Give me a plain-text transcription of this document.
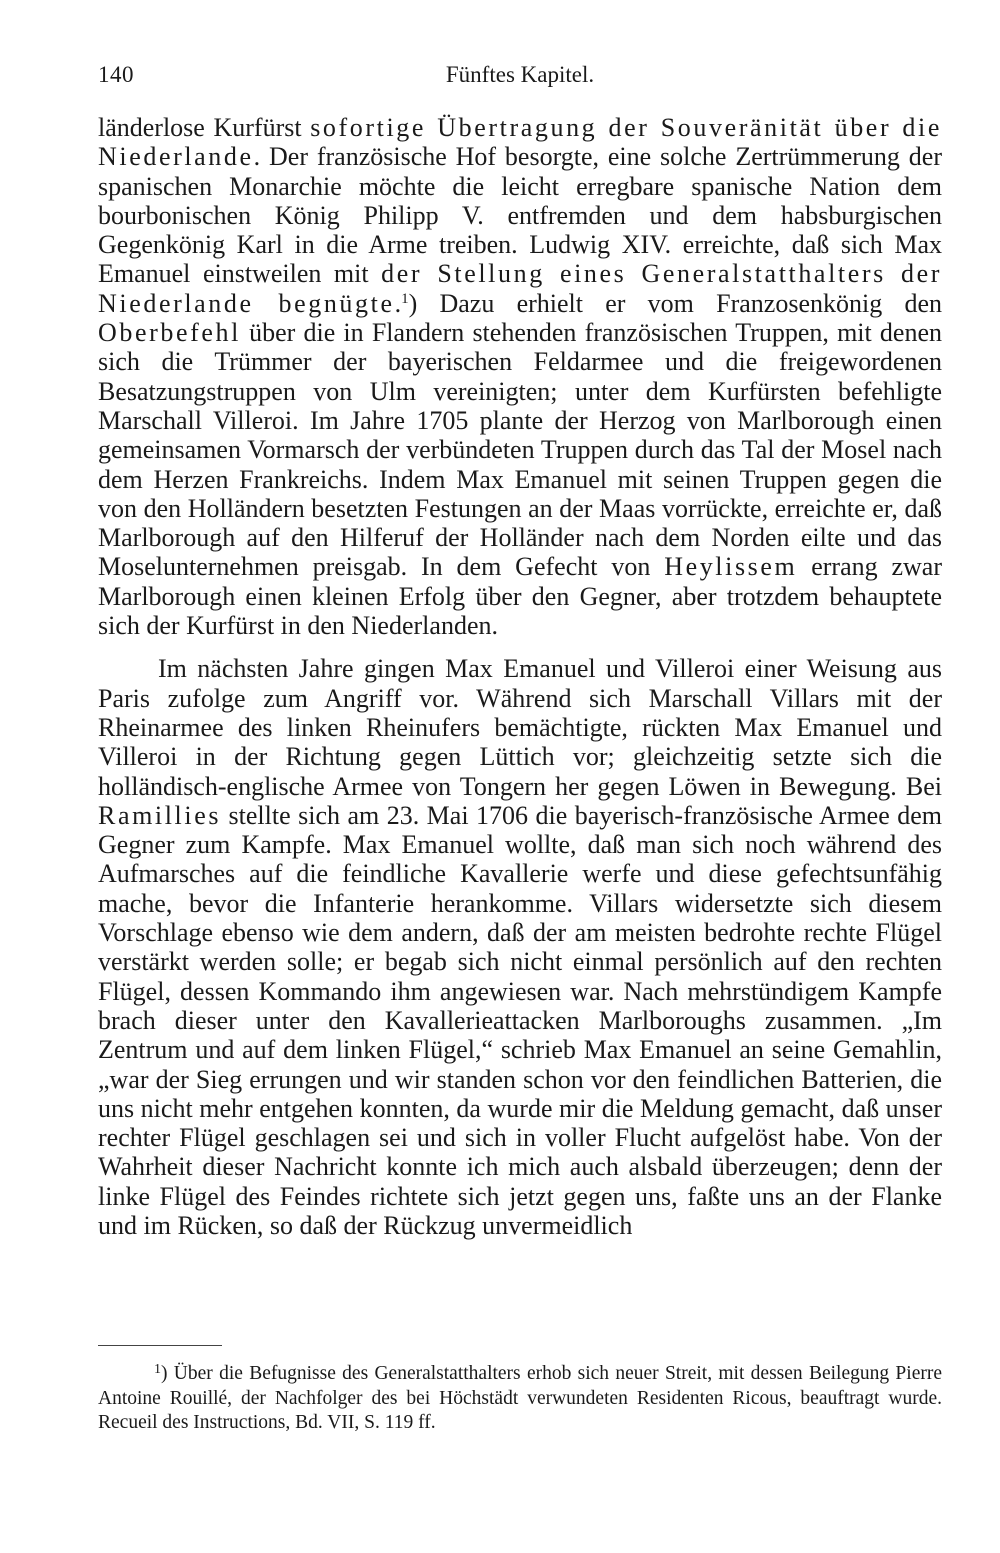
140	Fünftes Kapitel.

länderlose Kurfürst sofortige Übertragung der Souveränität über die Niederlande. Der französische Hof besorgte, eine solche Zertrümmerung der spanischen Monarchie möchte die leicht erregbare spanische Nation dem bourbonischen König Philipp V. entfremden und dem habsburgischen Gegenkönig Karl in die Arme treiben. Ludwig XIV. erreichte, daß sich Max Emanuel einstweilen mit der Stellung eines Generalstatthalters der Niederlande begnügte.$^1$) Dazu erhielt er vom Franzosenkönig den Oberbefehl über die in Flandern stehenden französischen Truppen, mit denen sich die Trümmer der bayerischen Feldarmee und die freigewordenen Besatzungstruppen von Ulm vereinigten; unter dem Kurfürsten befehligte Marschall Villeroi. Im Jahre 1705 plante der Herzog von Marlborough einen gemeinsamen Vormarsch der verbündeten Truppen durch das Tal der Mosel nach dem Herzen Frankreichs. Indem Max Emanuel mit seinen Truppen gegen die von den Holländern besetzten Festungen an der Maas vorrückte, erreichte er, daß Marlborough auf den Hilferuf der Holländer nach dem Norden eilte und das Moselunternehmen preisgab. In dem Gefecht von Heylissem errang zwar Marlborough einen kleinen Erfolg über den Gegner, aber trotzdem behauptete sich der Kurfürst in den Niederlanden.

Im nächsten Jahre gingen Max Emanuel und Villeroi einer Weisung aus Paris zufolge zum Angriff vor. Während sich Marschall Villars mit der Rheinarmee des linken Rheinufers bemächtigte, rückten Max Emanuel und Villeroi in der Richtung gegen Lüttich vor; gleichzeitig setzte sich die holländisch-englische Armee von Tongern her gegen Löwen in Bewegung. Bei Ramillies stellte sich am 23. Mai 1706 die bayerisch-französische Armee dem Gegner zum Kampfe. Max Emanuel wollte, daß man sich noch während des Aufmarsches auf die feindliche Kavallerie werfe und diese gefechtsunfähig mache, bevor die Infanterie herankomme. Villars widersetzte sich diesem Vorschlage ebenso wie dem andern, daß der am meisten bedrohte rechte Flügel verstärkt werden solle; er begab sich nicht einmal persönlich auf den rechten Flügel, dessen Kommando ihm angewiesen war. Nach mehrstündigem Kampfe brach dieser unter den Kavallerieattacken Marlboroughs zusammen. „Im Zentrum und auf dem linken Flügel,“ schrieb Max Emanuel an seine Gemahlin, „war der Sieg errungen und wir standen schon vor den feindlichen Batterien, die uns nicht mehr entgehen konnten, da wurde mir die Meldung gemacht, daß unser rechter Flügel geschlagen sei und sich in voller Flucht aufgelöst habe. Von der Wahrheit dieser Nachricht konnte ich mich auch alsbald überzeugen; denn der linke Flügel des Feindes richtete sich jetzt gegen uns, faßte uns an der Flanke und im Rücken, so daß der Rückzug unvermeidlich

$^1$) Über die Befugnisse des Generalstatthalters erhob sich neuer Streit, mit dessen Beilegung Pierre Antoine Rouillé, der Nachfolger des bei Höchstädt verwundeten Residenten Ricous, beauftragt wurde. Recueil des Instructions, Bd. VII, S. 119 ff.
